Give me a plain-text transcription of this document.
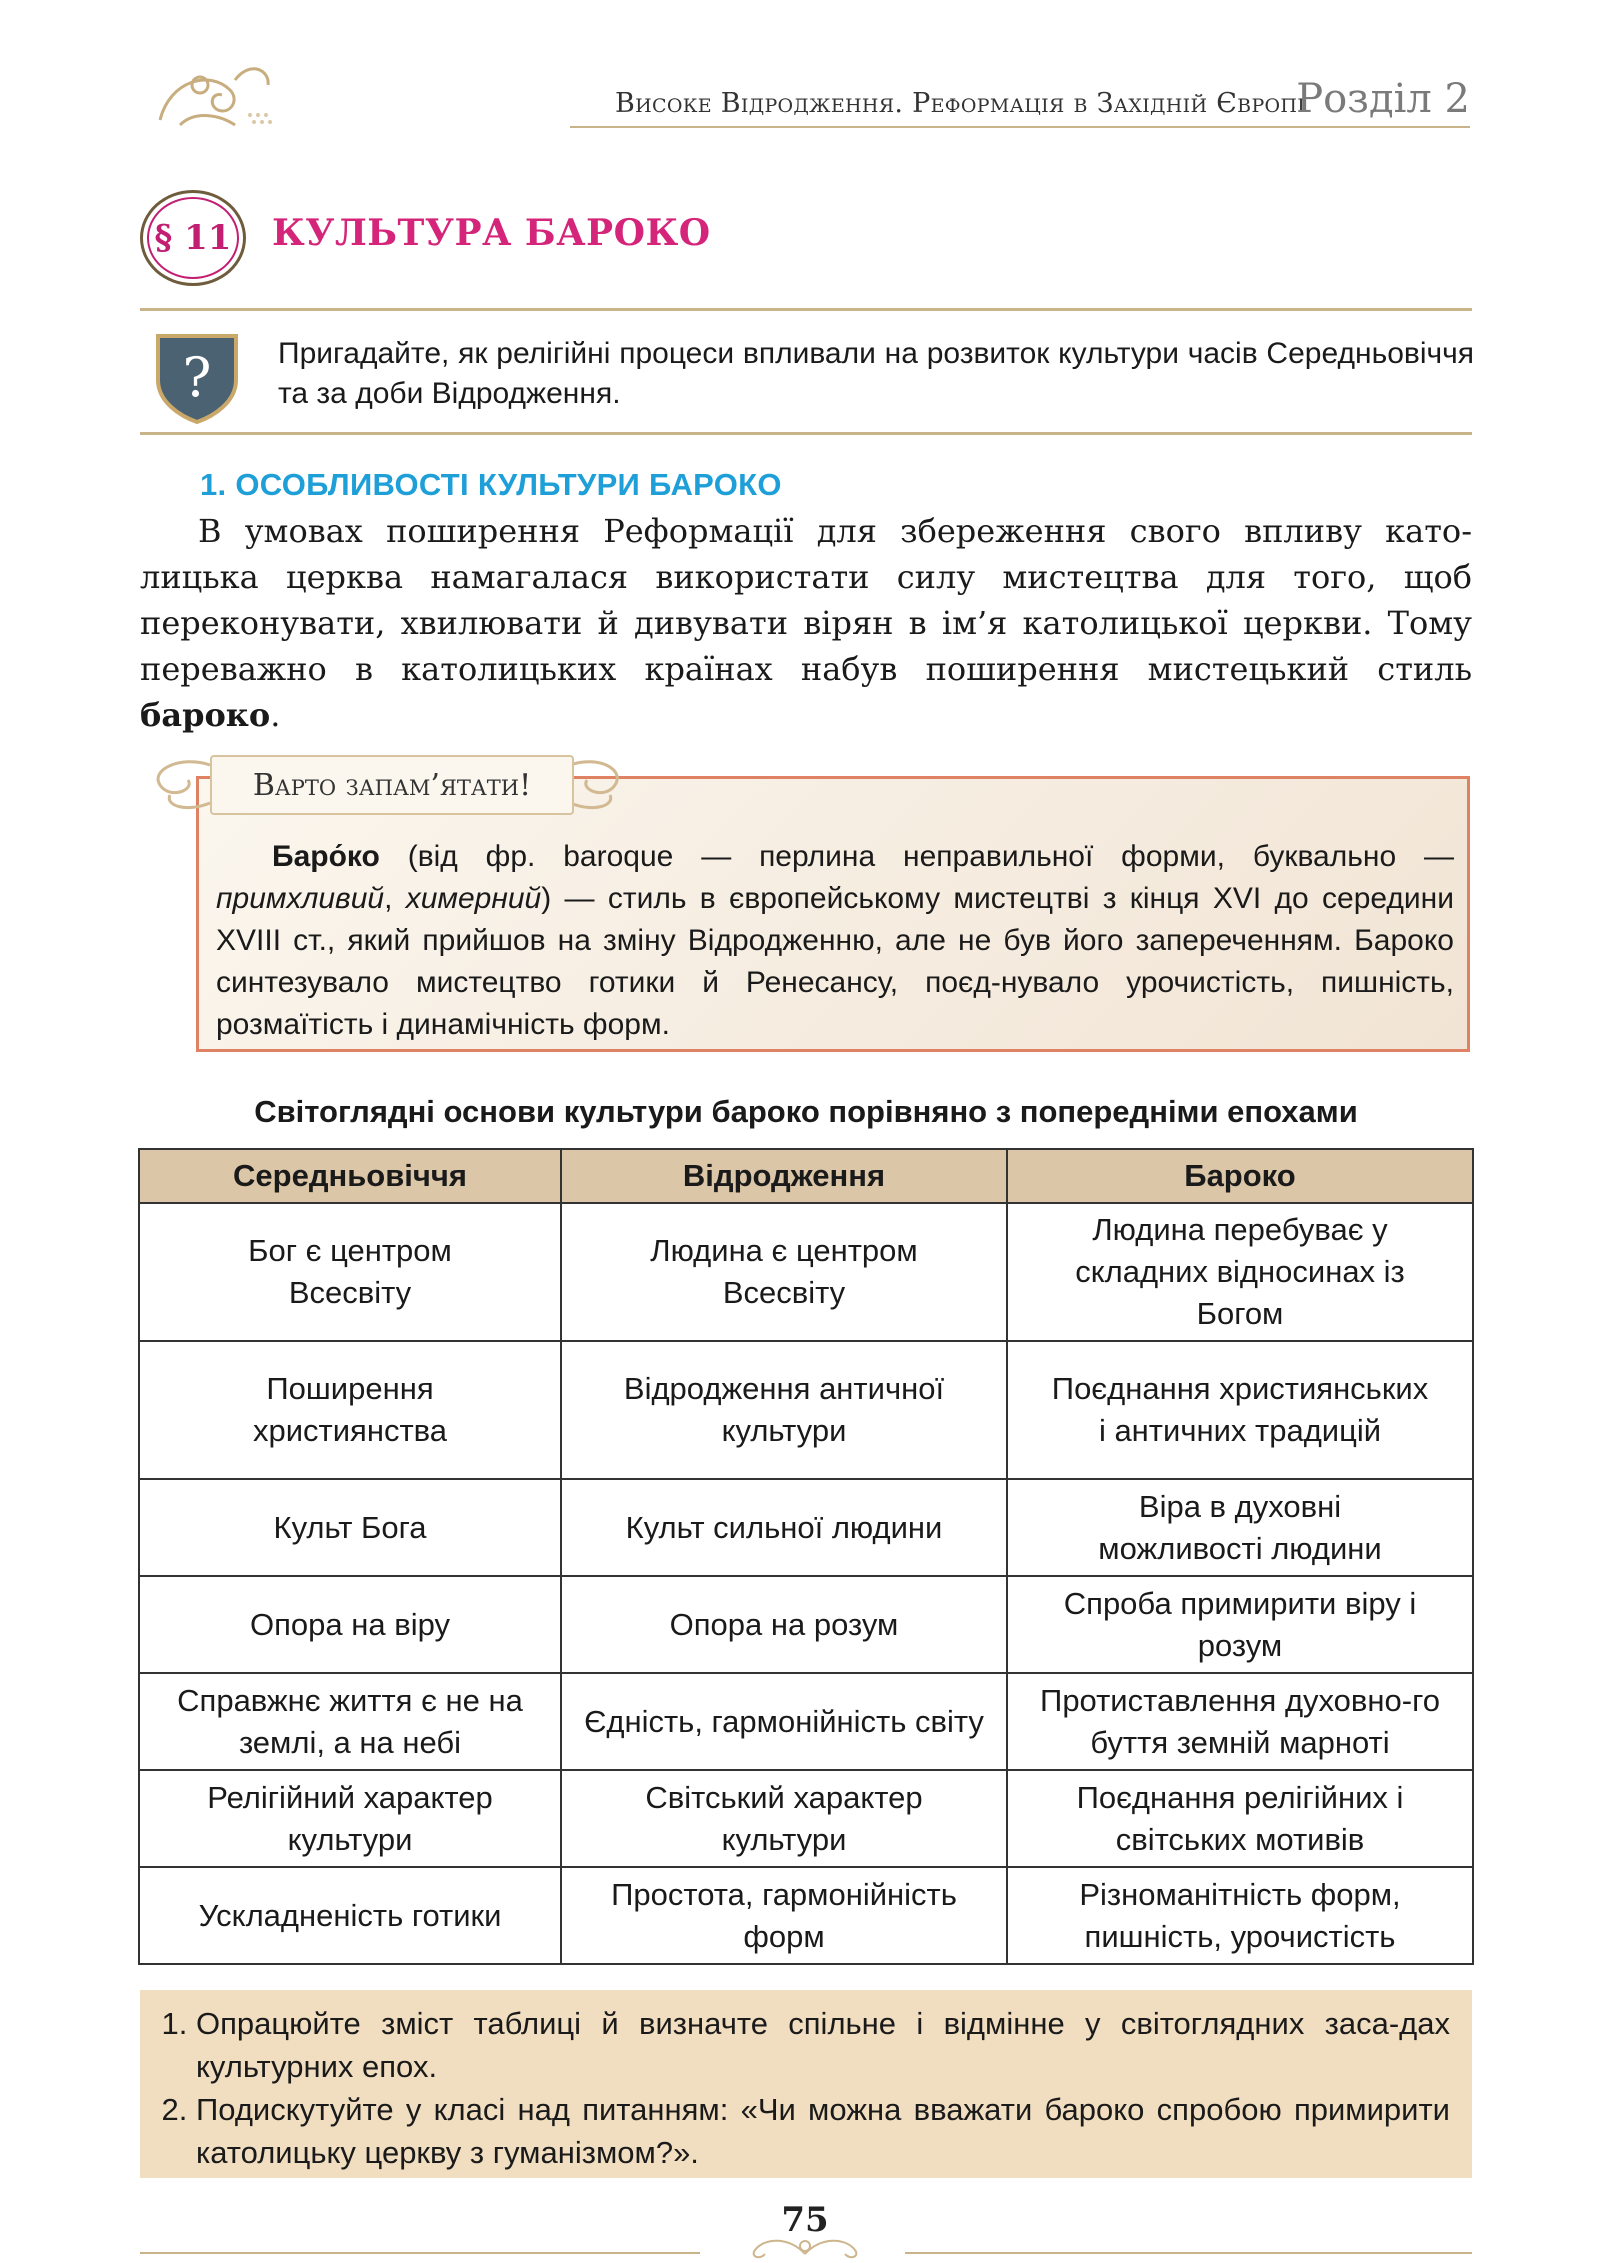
Високе Відродження. Реформація в Західній Європі
Розділ 2
§ 11 КУЛЬТУРА БАРОКО
? Пригадайте, як релігійні процеси впливали на розвиток культури часів Середньовіччя та за доби Відродження.
1. ОСОБЛИВОСТІ КУЛЬТУРИ БАРОКО

В умовах поширення Реформації для збереження свого впливу като-лицька церква намагалася використати силу мистецтва для того, щоб переконувати, хвилювати й дивувати вірян в ім’я католицької церкви. Тому переважно в католицьких країнах набув поширення мистецький стиль бароко.

Варто запам’ятати!
Баро́ко (від фр. baroque — перлина неправильної форми, буквально — примхливий, химерний) — стиль в європейському мистецтві з кінця XVI до середини XVIII ст., який прийшов на зміну Відродженню, але не був його запереченням. Бароко синтезувало мистецтво готики й Ренесансу, поєд-нувало урочистість, пишність, розмаїтість і динамічність форм.
Світоглядні основи культури бароко порівняно з попередніми епохами
Середньовіччя	Відродження	Бароко
Бог є центром Всесвіту	Людина є центром Всесвіту	Людина перебуває у складних відносинах із Богом
Поширення християнства	Відродження античної культури	Поєднання християнських і античних традицій
Культ Бога	Культ сильної людини	Віра в духовні можливості людини
Опора на віру	Опора на розум	Спроба примирити віру і розум
Справжнє життя є не на землі, а на небі	Єдність, гармонійність світу	Протиставлення духовно-го буття земній марноті
Релігійний характер культури	Світський характер культури	Поєднання релігійних і світських мотивів
Ускладненість готики	Простота, гармонійність форм	Різноманітність форм, пишність, урочистість
1. Опрацюйте зміст таблиці й визначте спільне і відмінне у світоглядних заса-дах культурних епох.
2. Подискутуйте у класі над питанням: «Чи можна вважати бароко спробою примирити католицьку церкву з гуманізмом?».
75
